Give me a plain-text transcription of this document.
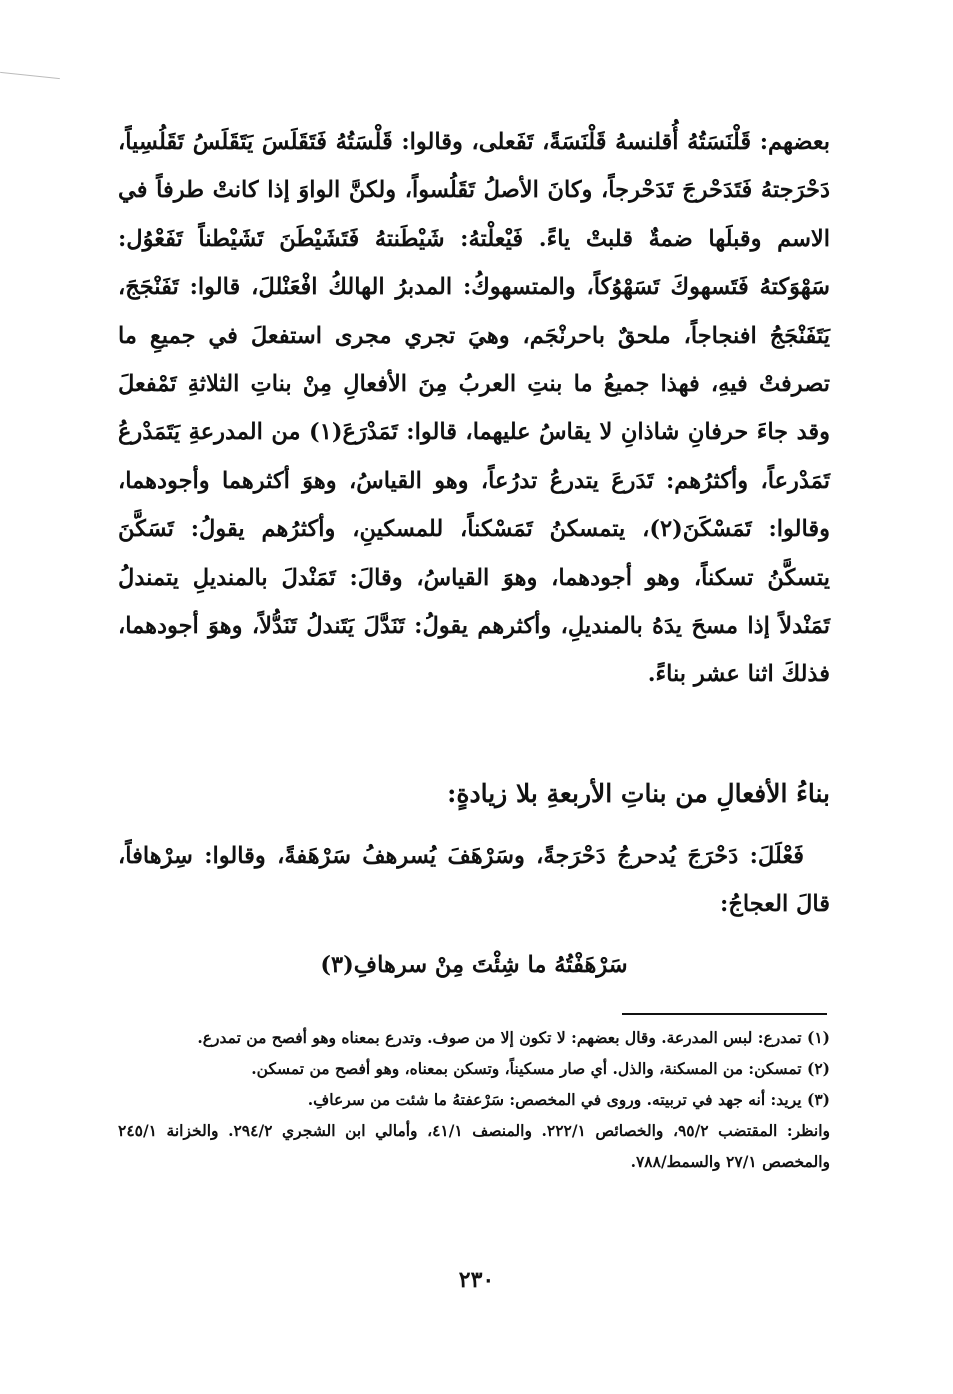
بعضهم: قَلْنَسَتُهُ أُقلنسهُ قَلْنَسَةً، تَفَعلى، وقالوا: قَلْسَتُهُ فَتَقَلَسَ يَتَقَلَسُ تَقَلُسِياً، دَحْرَجتهُ فَتَدَحْرجَ تَدَحْرجاً، وكانَ الأصلُ تَقَلُسواً، ولكنَّ الواوَ إذا كانتْ طرفاً في الاسم وقبلَها ضمةٌ قلبتْ ياءً. فَيْعلْتهُ: شَيْطَنتهُ فَتَشَيْطَنَ تَشَيْطناً تَفَعْوُل: سَهْوَكتهُ فَتَسهوكَ تَسَهْوُكاً، والمتسهوكُ: المدبرُ الهالكُ افْعَنْللَ، قالوا: تَفَنْجَجَ، يَتَفَنْجَجُ افنجاجاً، ملحقٌ باحرنْجَم، وهيَ تجري مجرى استفعلَ في جميعِ ما تصرفتْ فيهِ، فهذا جميعُ ما بنتِ العربُ مِنَ الأفعالِ مِنْ بناتِ الثلاثةِ تَمْفعلَ وقد جاءَ حرفانِ شاذانِ لا يقاسُ عليهما، قالوا: تَمَدْرَعَ(١) من المدرعةِ يَتَمَدْرعُ تَمَدْرعاً، وأكثرُهم: تَدَرعَ يتدرعُ تدرُعاً، وهو القياسُ، وهوَ أكثرهما وأجودهما، وقالوا: تَمَسْكَنَ(٢)، يتمسكنُ تَمَسْكناً، للمسكينِ، وأكثرُهم يقولُ: تَسَكَّنَ يتسكَّنُ تسكناً، وهو أجودهما، وهوَ القياسُ، وقالَ: تَمَنْدلَ بالمنديلِ يتمندلُ تَمَنْدلاً إذا مسحَ يدَهُ بالمنديلِ، وأكثرهم يقولُ: تَنَدَّلَ يَتَندلُ تَنَدُّلاً، وهوَ أجودهما، فذلكَ اثنا عشر بناءً.

بناءُ الأفعالِ من بناتِ الأربعةِ بلا زيادةٍ:

فَعْلَلَ: دَحْرَجَ يُدحرجُ دَحْرَجةً، وسَرْهَفَ يُسرهفُ سَرْهَفةً، وقالوا: سِرْهافاً، قالَ العجاجُ:

سَرْهَفْتُهُ ما شِئْتَ مِنْ سرهافِ(٣)

(١) تمدرع: لبس المدرعة. وقال بعضهم: لا تكون إلا من صوف. وتدرع بمعناه وهو أفصح من تمدرع.

(٢) تمسكن: من المسكنة، والذل. أي صار مسكيناً، وتسكن بمعناه، وهو أفصح من تمسكن.

(٣) يريد: أنه جهد في تربيته. وروى في المخصص: سَرْعفتهُ ما شئت من سرعافِ.

وانظر: المقتضب ٩٥/٢، والخصائص ٢٢٢/١. والمنصف ٤١/١، وأمالي ابن الشجري ٢٩٤/٢. والخزانة ٢٤٥/١ والمخصص ٢٧/١ والسمط/٧٨٨.

٢٣٠
